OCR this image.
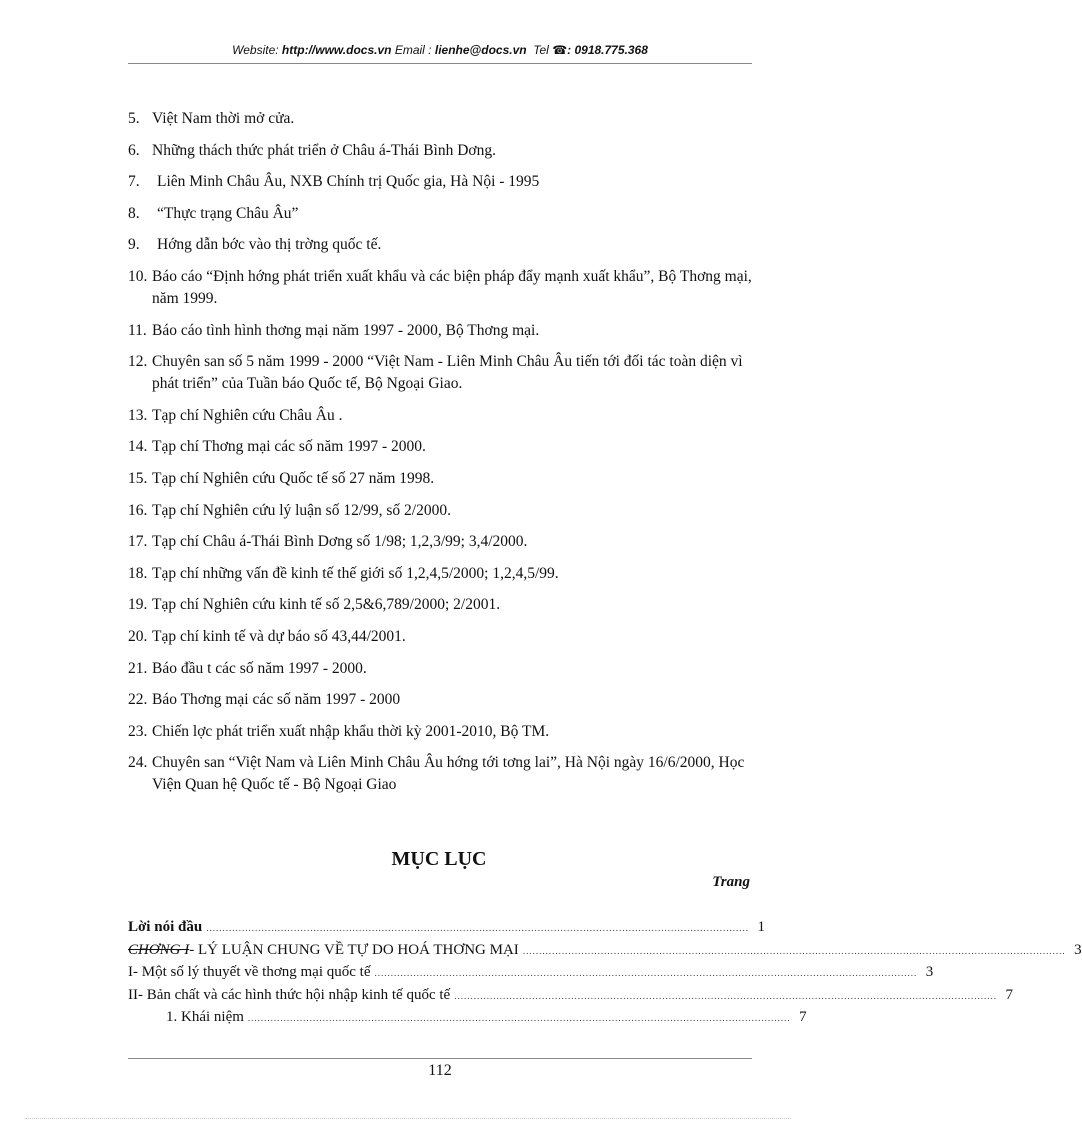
Website: http://www.docs.vn Email : lienhe@docs.vn Tel ☎: 0918.775.368
5. Việt Nam thời mở cửa.
6. Những thách thức phát triển ở Châu á-Thái Bình Dơng.
7. Liên Minh Châu Âu, NXB Chính trị Quốc gia, Hà Nội - 1995
8. “Thực trạng Châu Âu”
9. Hớng dẫn bớc vào thị trờng quốc tế.
10. Báo cáo “Định hớng phát triển xuất khẩu và các biện pháp đẩy mạnh xuất khẩu”, Bộ Thơng mại, năm 1999.
11. Báo cáo tình hình thơng mại năm 1997 - 2000, Bộ Thơng mại.
12. Chuyên san số 5 năm 1999 - 2000 “Việt Nam - Liên Minh Châu Âu tiến tới đối tác toàn diện vì phát triển” của Tuần báo Quốc tế, Bộ Ngoại Giao.
13. Tạp chí Nghiên cứu Châu Âu .
14. Tạp chí Thơng mại các số năm 1997 - 2000.
15. Tạp chí Nghiên cứu Quốc tế số 27 năm 1998.
16. Tạp chí Nghiên cứu lý luận số 12/99, số 2/2000.
17. Tạp chí Châu á-Thái Bình Dơng số 1/98; 1,2,3/99; 3,4/2000.
18. Tạp chí những vấn đề kinh tế thế giới số 1,2,4,5/2000; 1,2,4,5/99.
19. Tạp chí Nghiên cứu kinh tế số 2,5&6,789/2000; 2/2001.
20. Tạp chí kinh tế và dự báo số 43,44/2001.
21. Báo đầu t các số năm 1997 - 2000.
22. Báo Thơng mại các số năm 1997 - 2000
23. Chiến lợc phát triển xuất nhập khẩu thời kỳ 2001-2010, Bộ TM.
24. Chuyên san “Việt Nam và Liên Minh Châu Âu hớng tới tơng lai”, Hà Nội ngày 16/6/2000, Học Viện Quan hệ Quốc tế - Bộ Ngoại Giao
MỤC LỤC
Trang
Lời nói đầu ....................................................................................................................................................................... 1
CHƠNG I- LÝ LUẬN CHUNG VỀ TỰ DO HOÁ THƠNG MẠI ....................................................................................................................................................................... 3
I- Một số lý thuyết về thơng mại quốc tế ....................................................................................................................................................................... 3
II- Bản chất và các hình thức hội nhập kinh tế quốc tế ....................................................................................................................................................................... 7
1. Khái niệm ....................................................................................................................................................................... 7
112
